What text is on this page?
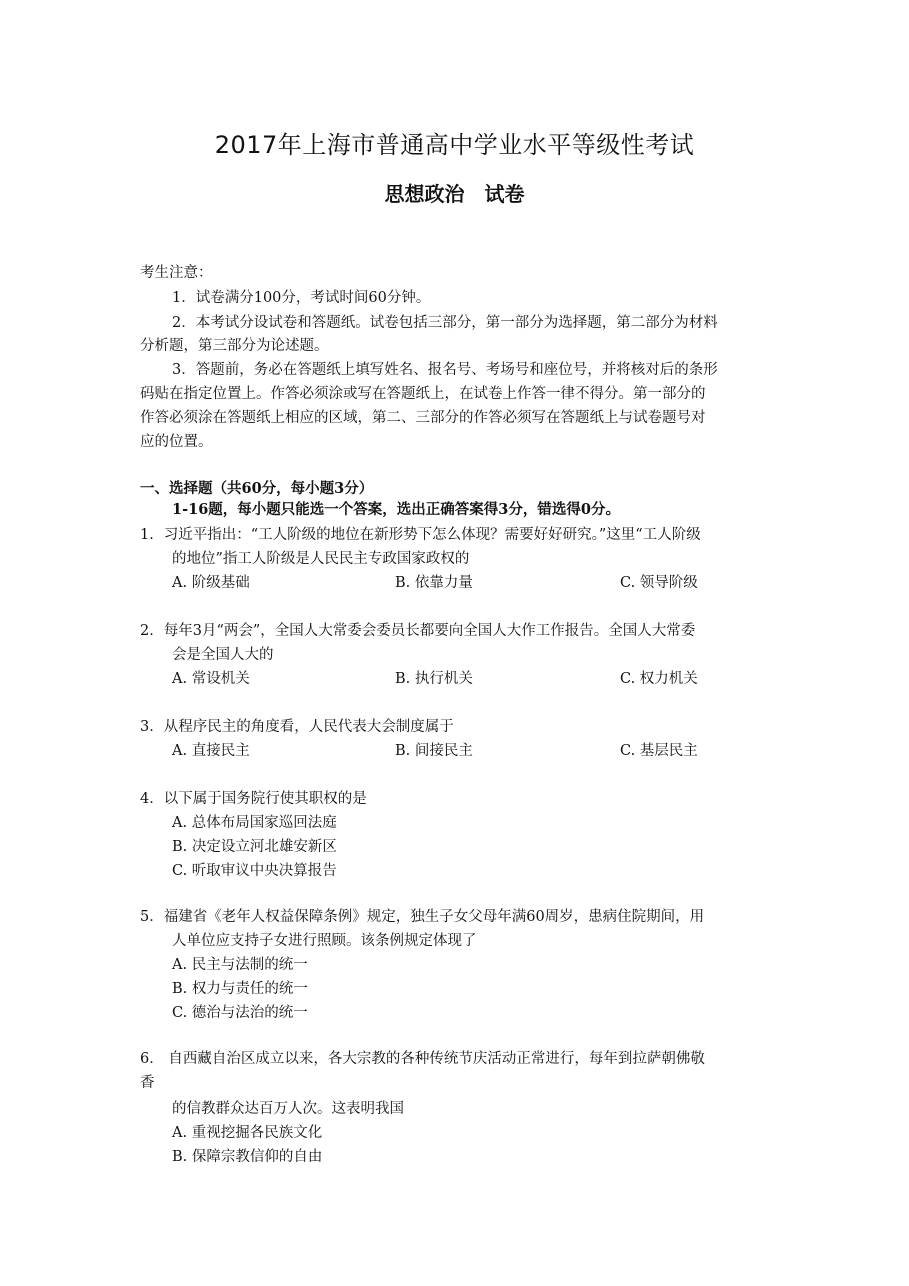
2017年上海市普通高中学业水平等级性考试
思想政治　试卷
考生注意：
1．试卷满分100分，考试时间60分钟。
2．本考试分设试卷和答题纸。试卷包括三部分，第一部分为选择题，第二部分为材料
分析题，第三部分为论述题。
3．答题前，务必在答题纸上填写姓名、报名号、考场号和座位号，并将核对后的条形
码贴在指定位置上。作答必须涂或写在答题纸上，在试卷上作答一律不得分。第一部分的
作答必须涂在答题纸上相应的区域，第二、三部分的作答必须写在答题纸上与试卷题号对
应的位置。
一、选择题（共60分，每小题3分）
1-16题，每小题只能选一个答案，选出正确答案得3分，错选得0分。
1．习近平指出：“工人阶级的地位在新形势下怎么体现？需要好好研究。”这里“工人阶级
的地位”指工人阶级是人民民主专政国家政权的
A. 阶级基础	B. 依靠力量	C. 领导阶级
2．每年3月“两会”，全国人大常委会委员长都要向全国人大作工作报告。全国人大常委
会是全国人大的
A. 常设机关	B. 执行机关	C. 权力机关
3．从程序民主的角度看，人民代表大会制度属于
A. 直接民主	B. 间接民主	C. 基层民主
4．以下属于国务院行使其职权的是
A. 总体布局国家巡回法庭
B. 决定设立河北雄安新区
C. 听取审议中央决算报告
5．福建省《老年人权益保障条例》规定，独生子女父母年满60周岁，患病住院期间，用
人单位应支持子女进行照顾。该条例规定体现了
A. 民主与法制的统一
B. 权力与责任的统一
C. 德治与法治的统一
6． 自西藏自治区成立以来，各大宗教的各种传统节庆活动正常进行，每年到拉萨朝佛敬
香
的信教群众达百万人次。这表明我国
A. 重视挖掘各民族文化
B. 保障宗教信仰的自由
